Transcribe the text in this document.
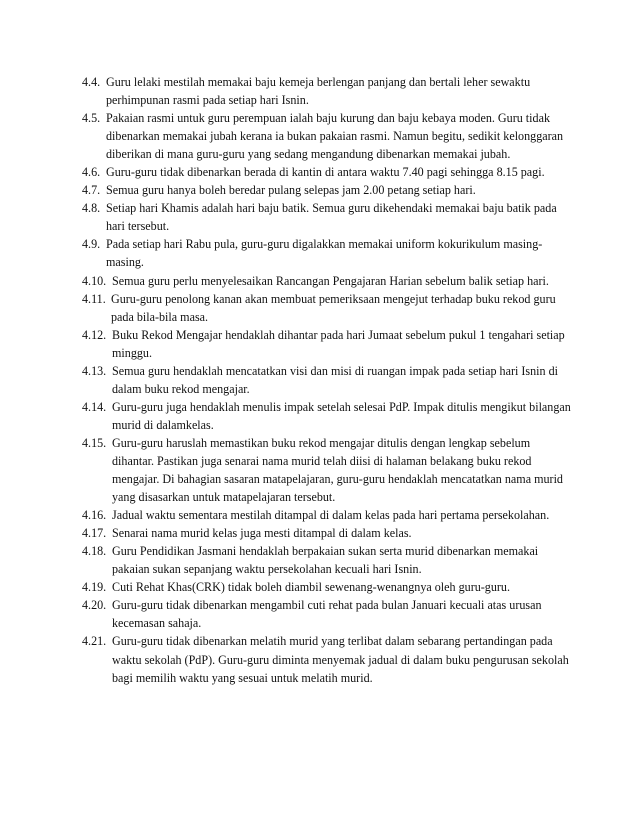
4.4. Guru lelaki mestilah memakai baju kemeja berlengan panjang dan bertali leher sewaktu perhimpunan rasmi pada setiap hari Isnin.
4.5. Pakaian rasmi untuk guru perempuan ialah baju kurung dan baju kebaya moden. Guru tidak dibenarkan memakai jubah kerana ia bukan pakaian rasmi. Namun begitu, sedikit kelonggaran diberikan di mana guru-guru yang sedang mengandung dibenarkan memakai jubah.
4.6. Guru-guru tidak dibenarkan berada di kantin di antara waktu 7.40 pagi sehingga 8.15 pagi.
4.7. Semua guru hanya boleh beredar pulang selepas jam 2.00 petang setiap hari.
4.8. Setiap hari Khamis adalah hari baju batik. Semua guru dikehendaki memakai baju batik pada hari tersebut.
4.9. Pada setiap hari Rabu pula, guru-guru digalakkan memakai uniform kokurikulum masing-masing.
4.10. Semua guru perlu menyelesaikan Rancangan Pengajaran Harian sebelum balik setiap hari.
4.11. Guru-guru penolong kanan akan membuat pemeriksaan mengejut terhadap buku rekod guru pada bila-bila masa.
4.12. Buku Rekod Mengajar hendaklah dihantar pada hari Jumaat sebelum pukul 1 tengahari setiap minggu.
4.13. Semua guru hendaklah mencatatkan visi dan misi di ruangan impak pada setiap hari Isnin di dalam buku rekod mengajar.
4.14. Guru-guru juga hendaklah menulis impak setelah selesai PdP. Impak ditulis mengikut bilangan murid di dalamkelas.
4.15. Guru-guru haruslah memastikan buku rekod mengajar ditulis dengan lengkap sebelum dihantar. Pastikan juga senarai nama murid telah diisi di halaman belakang buku rekod mengajar. Di bahagian sasaran matapelajaran, guru-guru hendaklah mencatatkan nama murid yang disasarkan untuk matapelajaran tersebut.
4.16. Jadual waktu sementara mestilah ditampal di dalam kelas pada hari pertama persekolahan.
4.17. Senarai nama murid kelas juga mesti ditampal di dalam kelas.
4.18. Guru Pendidikan Jasmani hendaklah berpakaian sukan serta murid dibenarkan memakai pakaian sukan sepanjang waktu persekolahan kecuali hari Isnin.
4.19. Cuti Rehat Khas(CRK) tidak boleh diambil sewenang-wenangnya oleh guru-guru.
4.20. Guru-guru tidak dibenarkan mengambil cuti rehat pada bulan Januari kecuali atas urusan kecemasan sahaja.
4.21. Guru-guru tidak dibenarkan melatih murid yang terlibat dalam sebarang pertandingan pada waktu sekolah (PdP). Guru-guru diminta menyemak jadual di dalam buku pengurusan sekolah bagi memilih waktu yang sesuai untuk melatih murid.
